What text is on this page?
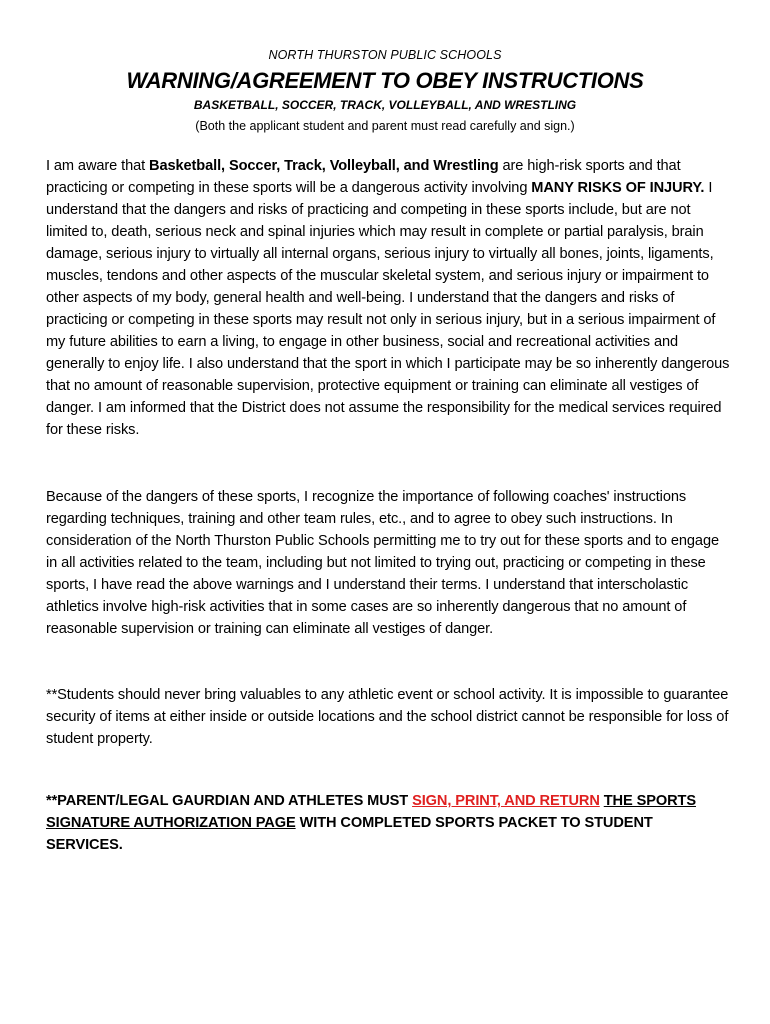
NORTH THURSTON PUBLIC SCHOOLS
WARNING/AGREEMENT TO OBEY INSTRUCTIONS
BASKETBALL, SOCCER, TRACK, VOLLEYBALL, AND WRESTLING
(Both the applicant student and parent must read carefully and sign.)
I am aware that Basketball, Soccer, Track, Volleyball, and Wrestling are high-risk sports and that practicing or competing in these sports will be a dangerous activity involving MANY RISKS OF INJURY. I understand that the dangers and risks of practicing and competing in these sports include, but are not limited to, death, serious neck and spinal injuries which may result in complete or partial paralysis, brain damage, serious injury to virtually all internal organs, serious injury to virtually all bones, joints, ligaments, muscles, tendons and other aspects of the muscular skeletal system, and serious injury or impairment to other aspects of my body, general health and well-being. I understand that the dangers and risks of practicing or competing in these sports may result not only in serious injury, but in a serious impairment of my future abilities to earn a living, to engage in other business, social and recreational activities and generally to enjoy life. I also understand that the sport in which I participate may be so inherently dangerous that no amount of reasonable supervision, protective equipment or training can eliminate all vestiges of danger. I am informed that the District does not assume the responsibility for the medical services required for these risks.
Because of the dangers of these sports, I recognize the importance of following coaches' instructions regarding techniques, training and other team rules, etc., and to agree to obey such instructions. In consideration of the North Thurston Public Schools permitting me to try out for these sports and to engage in all activities related to the team, including but not limited to trying out, practicing or competing in these sports, I have read the above warnings and I understand their terms. I understand that interscholastic athletics involve high-risk activities that in some cases are so inherently dangerous that no amount of reasonable supervision or training can eliminate all vestiges of danger.
**Students should never bring valuables to any athletic event or school activity. It is impossible to guarantee security of items at either inside or outside locations and the school district cannot be responsible for loss of student property.
**PARENT/LEGAL GAURDIAN AND ATHLETES MUST SIGN, PRINT, AND RETURN THE SPORTS SIGNATURE AUTHORIZATION PAGE WITH COMPLETED SPORTS PACKET TO STUDENT SERVICES.
